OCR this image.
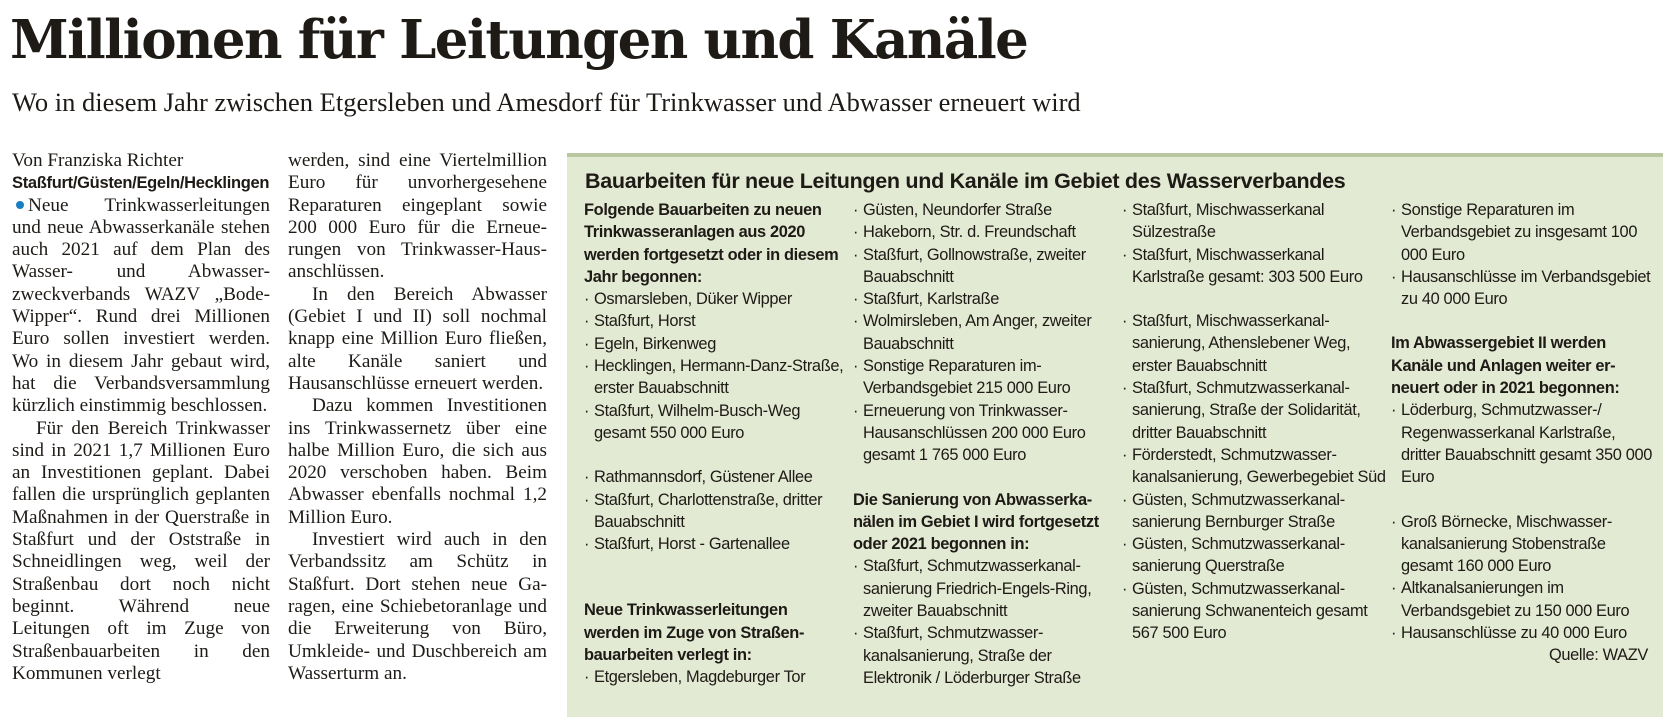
Millionen für Leitungen und Kanäle

Wo in diesem Jahr zwischen Etgersleben und Amesdorf für Trinkwasser und Abwasser erneuert wird

Von Franziska Richter

Staßfurt/Güsten/Egeln/HecklingenNeue Trinkwasserleitungen und neue Abwasserkanäle stehen auch 2021 auf dem Plan des Wasser- und Abwasserzweckverbands WAZV „Bode-Wipper“. Rund drei Millionen Euro sollen investiert werden. Wo in diesem Jahr gebaut wird, hat die Verbandsversammlung kürzlich einstimmig beschlossen.

Für den Bereich Trinkwasser sind in 2021 1,7 Millionen Euro an Investitionen geplant. Dabei fallen die ursprünglich geplanten Maßnahmen in der Querstraße in Staßfurt und der Oststraße in Schneidlingen weg, weil der Straßenbau dort noch nicht beginnt. Während neue Leitungen oft im Zuge von Straßenbauarbeiten in den Kommunen verlegt

werden, sind eine Viertelmillion Euro für unvorhergesehene Reparaturen eingeplant sowie 200 000 Euro für die Erneuerungen von Trinkwasser-Hausanschlüssen.

In den Bereich Abwasser (Gebiet I und II) soll nochmal knapp eine Million Euro fließen, alte Kanäle saniert und Hausanschlüsse erneuert werden.

Dazu kommen Investitionen ins Trinkwassernetz über eine halbe Million Euro, die sich aus 2020 verschoben haben. Beim Abwasser ebenfalls nochmal 1,2 Million Euro.

Investiert wird auch in den Verbandssitz am Schütz in Staßfurt. Dort stehen neue Garagen, eine Schiebetoranlage und die Erweiterung von Büro, Umkleide- und Duschbereich am Wasserturm an.

Bauarbeiten für neue Leitungen und Kanäle im Gebiet des Wasserverbandes
Folgende Bauarbeiten zu neuen Trinkwasseranlagen aus 2020 werden fortgesetzt oder in diesem Jahr begonnen:
· Osmarsleben, Düker Wipper
· Staßfurt, Horst
· Egeln, Birkenweg
· Hecklingen, Hermann-Danz-Straße, erster Bauabschnitt
· Staßfurt, Wilhelm-Busch-Weg gesamt 550 000 Euro
· Rathmannsdorf, Güstener Allee
· Staßfurt, Charlottenstraße, dritter Bauabschnitt
· Staßfurt, Horst - Gartenallee
Neue Trinkwasserleitungen werden im Zuge von Straßenbauarbeiten verlegt in:
· Etgersleben, Magdeburger Tor
· Güsten, Neundorfer Straße
· Hakeborn, Str. d. Freundschaft
· Staßfurt, Gollnowstraße, zweiter Bauabschnitt
· Staßfurt, Karlstraße
· Wolmirsleben, Am Anger, zweiter Bauabschnitt
· Sonstige Reparaturen im-Verbandsgebiet 215 000 Euro
· Erneuerung von Trinkwasser-Hausanschlüssen 200 000 Euro gesamt 1 765 000 Euro
Die Sanierung von Abwasserkanälen im Gebiet I wird fortgesetzt oder 2021 begonnen in:
· Staßfurt, Schmutzwasserkanalsanierung Friedrich-Engels-Ring, zweiter Bauabschnitt
· Staßfurt, Schmutzwasserkanalsanierung, Straße der Elektronik / Löderburger Straße
· Staßfurt, Mischwasserkanal Sülzestraße
· Staßfurt, Mischwasserkanal Karlstraße gesamt: 303 500 Euro
· Staßfurt, Mischwasserkanalsanierung, Athenslebener Weg, erster Bauabschnitt
· Staßfurt, Schmutzwasserkanalsanierung, Straße der Solidarität, dritter Bauabschnitt
· Förderstedt, Schmutzwasserkanalsanierung, Gewerbegebiet Süd
· Güsten, Schmutzwasserkanalsanierung Bernburger Straße
· Güsten, Schmutzwasserkanalsanierung Querstraße
· Güsten, Schmutzwasserkanalsanierung Schwanenteich gesamt 567 500 Euro
· Sonstige Reparaturen im Verbandsgebiet zu insgesamt 100 000 Euro
· Hausanschlüsse im Verbandsgebiet zu 40 000 Euro
Im Abwassergebiet II werden Kanäle und Anlagen weiter erneuert oder in 2021 begonnen:
· Löderburg, Schmutzwasser-/ Regenwasserkanal Karlstraße, dritter Bauabschnitt gesamt 350 000 Euro
· Groß Börnecke, Mischwasserkanalsanierung Stobenstraße gesamt 160 000 Euro
· Altkanalsanierungen im Verbandsgebiet zu 150 000 Euro
· Hausanschlüsse zu 40 000 Euro
Quelle: WAZV
